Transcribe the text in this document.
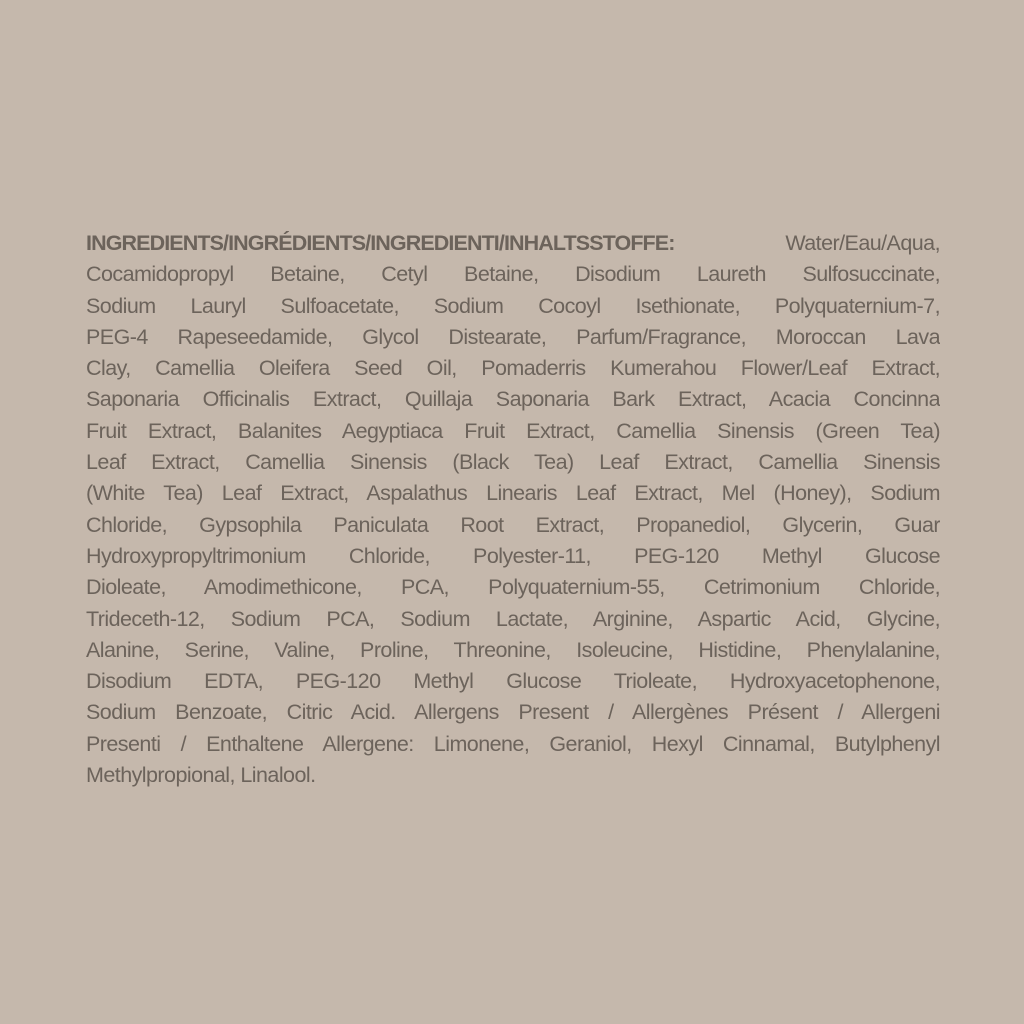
INGREDIENTS/INGRÉDIENTS/INGREDIENTI/INHALTSSTOFFE: Water/Eau/Aqua,
Cocamidopropyl Betaine, Cetyl Betaine, Disodium Laureth Sulfosuccinate,
Sodium Lauryl Sulfoacetate, Sodium Cocoyl Isethionate, Polyquaternium-7,
PEG-4 Rapeseedamide, Glycol Distearate, Parfum/Fragrance, Moroccan Lava
Clay, Camellia Oleifera Seed Oil, Pomaderris Kumerahou Flower/Leaf Extract,
Saponaria Officinalis Extract, Quillaja Saponaria Bark Extract, Acacia Concinna
Fruit Extract, Balanites Aegyptiaca Fruit Extract, Camellia Sinensis (Green Tea)
Leaf Extract, Camellia Sinensis (Black Tea) Leaf Extract, Camellia Sinensis
(White Tea) Leaf Extract, Aspalathus Linearis Leaf Extract, Mel (Honey), Sodium
Chloride, Gypsophila Paniculata Root Extract, Propanediol, Glycerin, Guar
Hydroxypropyltrimonium Chloride, Polyester-11, PEG-120 Methyl Glucose
Dioleate, Amodimethicone, PCA, Polyquaternium-55, Cetrimonium Chloride,
Trideceth-12, Sodium PCA, Sodium Lactate, Arginine, Aspartic Acid, Glycine,
Alanine, Serine, Valine, Proline, Threonine, Isoleucine, Histidine, Phenylalanine,
Disodium EDTA, PEG-120 Methyl Glucose Trioleate, Hydroxyacetophenone,
Sodium Benzoate, Citric Acid. Allergens Present / Allergènes Présent / Allergeni
Presenti / Enthaltene Allergene: Limonene, Geraniol, Hexyl Cinnamal, Butylphenyl
Methylpropional, Linalool.
